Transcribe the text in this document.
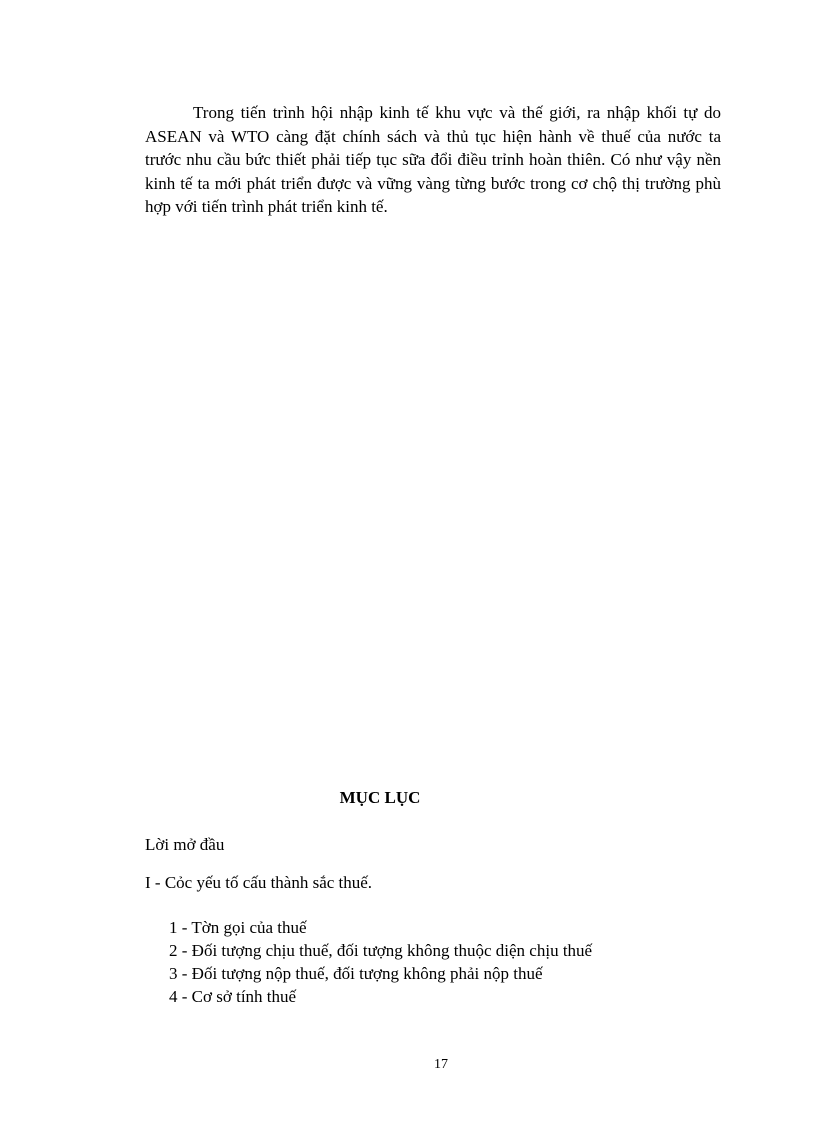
Trong tiến trình hội nhập kinh tế khu vực và thế giới, ra nhập khối tự do ASEAN và WTO càng đặt chính sách và thủ tục hiện hành về thuế của nước ta trước nhu cầu bức thiết phải tiếp tục sữa đổi điều trỉnh hoàn thiên. Có như vậy nền kinh tế ta mới phát triển được và vững vàng từng bước trong cơ chộ thị trường phù hợp với tiến trình phát triển kinh tế.

MỤC LỤC

Lời mở đầu

I - Cỏc yếu tố cấu thành sắc thuế.

1 - Tờn gọi của thuế

2 - Đối tượng chịu thuế, đối tượng không thuộc diện chịu thuế

3 - Đối tượng nộp thuế, đối tượng không phải nộp thuế

4 - Cơ sở tính thuế

17
